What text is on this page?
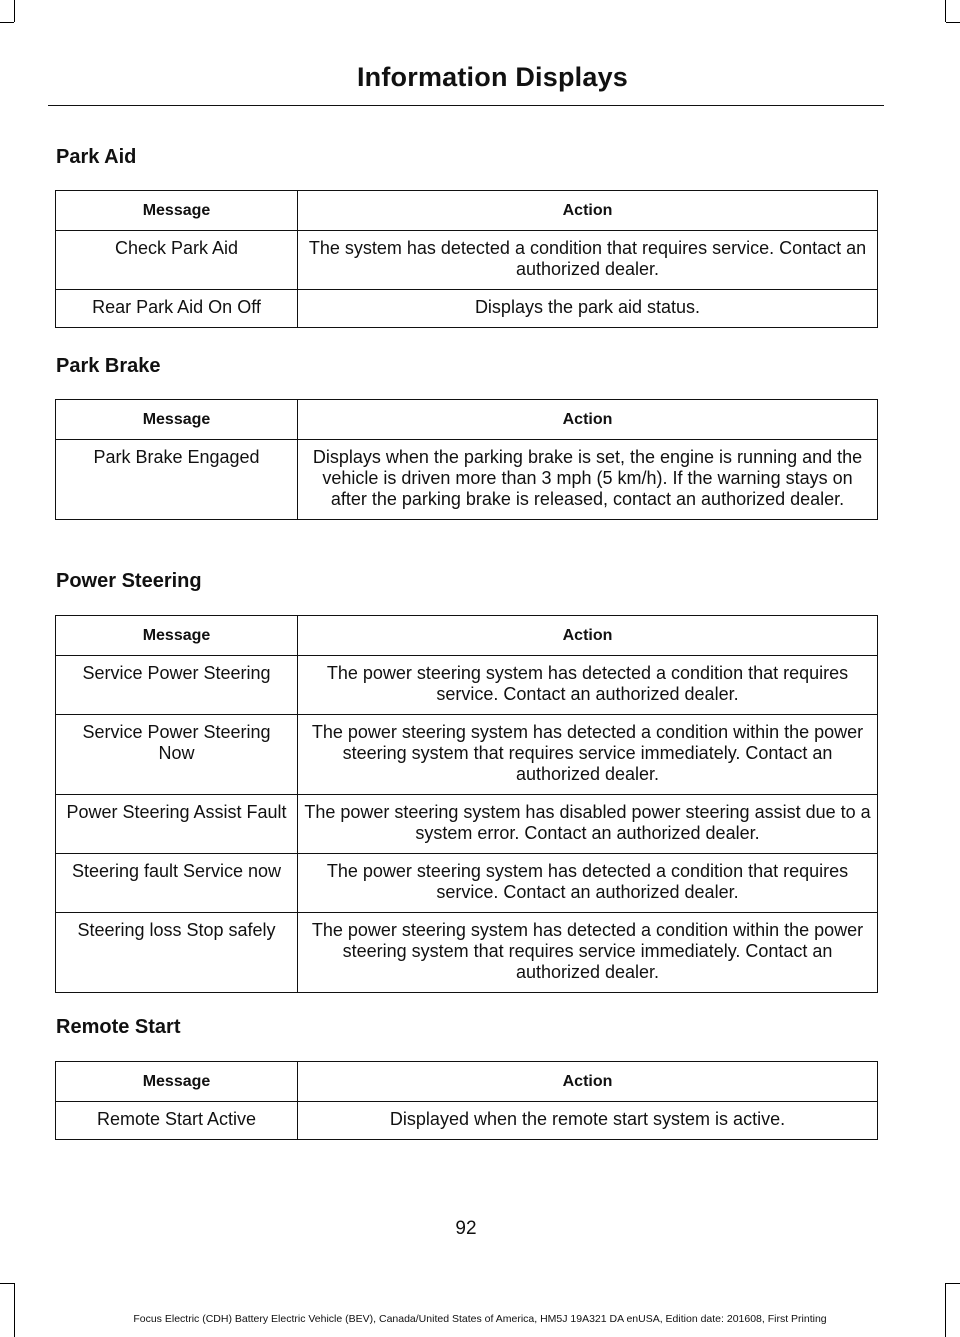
Information Displays
Park Aid
Message	Action
Check Park Aid	The system has detected a condition that requires service. Contact an authorized dealer.
Rear Park Aid On Off	Displays the park aid status.
Park Brake
Message	Action
Park Brake Engaged	Displays when the parking brake is set, the engine is running and the vehicle is driven more than 3 mph (5 km/h). If the warning stays on after the parking brake is released, contact an authorized dealer.
Power Steering
Message	Action
Service Power Steering	The power steering system has detected a condition that requires service. Contact an authorized dealer.
Service Power Steering Now	The power steering system has detected a condition within the power steering system that requires service immediately. Contact an authorized dealer.
Power Steering Assist Fault	The power steering system has disabled power steering assist due to a system error. Contact an authorized dealer.
Steering fault Service now	The power steering system has detected a condition that requires service. Contact an authorized dealer.
Steering loss Stop safely	The power steering system has detected a condition within the power steering system that requires service immediately. Contact an authorized dealer.
Remote Start
Message	Action
Remote Start Active	Displayed when the remote start system is active.
92
Focus Electric (CDH) Battery Electric Vehicle (BEV), Canada/United States of America, HM5J 19A321 DA enUSA, Edition date: 201608, First Printing
